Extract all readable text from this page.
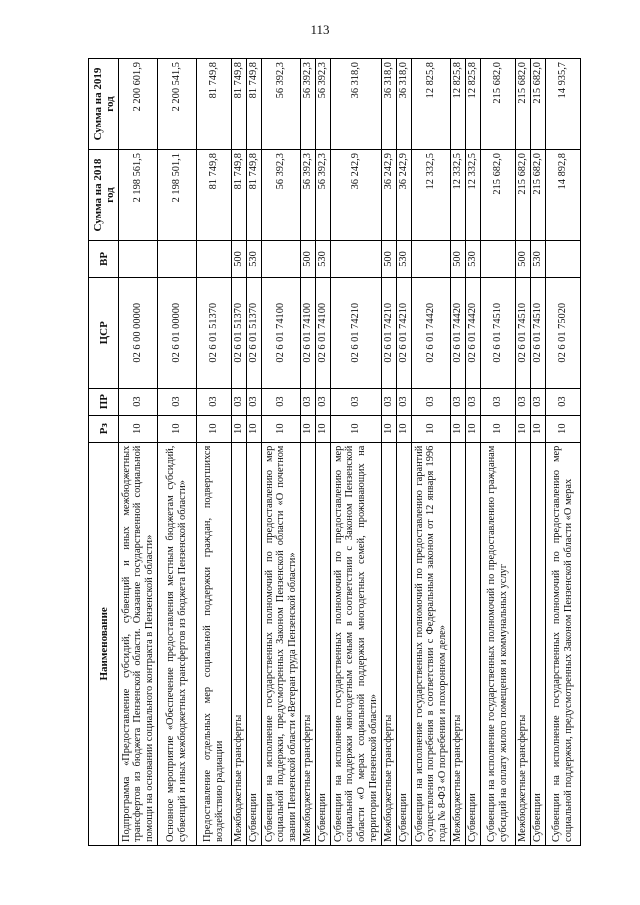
113
Наименование	Рз	ПР	ЦСР	ВР	Сумма на 2018 год	Сумма на 2019 год
Подпрограмма «Предоставление субсидий, субвенций и иных межбюджетных трансфертов из бюджета Пензенской области. Оказание государственной социальной помощи на основании социального контракта в Пензенской области»	10	03	02 6 00 00000		2 198 561,5	2 200 601,9
Основное мероприятие «Обеспечение предоставления местным бюджетам субсидий, субвенций и иных межбюджетных трансфертов из бюджета Пензенской области»	10	03	02 6 01 00000		2 198 501,1	2 200 541,5
Предоставление отдельных мер социальной поддержки граждан, подвергшихся воздействию радиации	10	03	02 6 01 51370		81 749,8	81 749,8
Межбюджетные трансферты	10	03	02 6 01 51370	500	81 749,8	81 749,8
Субвенции	10	03	02 6 01 51370	530	81 749,8	81 749,8
Субвенции на исполнение государственных полномочий по предоставлению мер социальной поддержки, предусмотренных Законом Пензенской области «О почетном звании Пензенской области «Ветеран труда Пензенской области»	10	03	02 6 01 74100		56 392,3	56 392,3
Межбюджетные трансферты	10	03	02 6 01 74100	500	56 392,3	56 392,3
Субвенции	10	03	02 6 01 74100	530	56 392,3	56 392,3
Субвенции на исполнение государственных полномочий по предоставлению мер социальной поддержки многодетным семьям в соответствии с Законом Пензенской области «О мерах социальной поддержки многодетных семей, проживающих на территории Пензенской области»	10	03	02 6 01 74210		36 242,9	36 318,0
Межбюджетные трансферты	10	03	02 6 01 74210	500	36 242,9	36 318,0
Субвенции	10	03	02 6 01 74210	530	36 242,9	36 318,0
Субвенции на исполнение государственных полномочий по предоставлению гарантий осуществления погребения в соответствии с Федеральным законом от 12 января 1996 года № 8-ФЗ «О погребении и похоронном деле»	10	03	02 6 01 74420		12 332,5	12 825,8
Межбюджетные трансферты	10	03	02 6 01 74420	500	12 332,5	12 825,8
Субвенции	10	03	02 6 01 74420	530	12 332,5	12 825,8
Субвенции на исполнение государственных полномочий по предоставлению гражданам субсидий на оплату жилого помещения и коммунальных услуг	10	03	02 6 01 74510		215 682,0	215 682,0
Межбюджетные трансферты	10	03	02 6 01 74510	500	215 682,0	215 682,0
Субвенции	10	03	02 6 01 74510	530	215 682,0	215 682,0
Субвенции на исполнение государственных полномочий по предоставлению мер социальной поддержки, предусмотренных Законом Пензенской области «О мерах	10	03	02 6 01 75020		14 892,8	14 935,7
